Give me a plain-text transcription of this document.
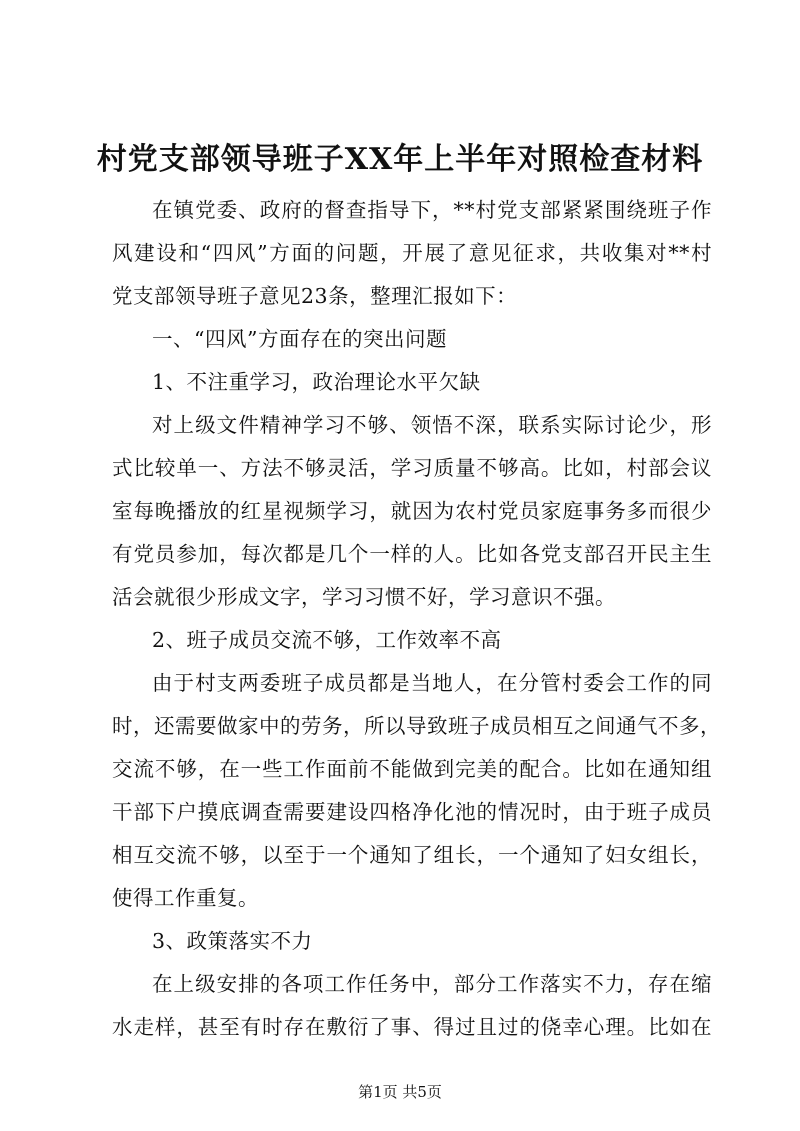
村党支部领导班子XX年上半年对照检查材料
在镇党委、政府的督查指导下，**村党支部紧紧围绕班子作
风建设和“四风”方面的问题，开展了意见征求，共收集对**村
党支部领导班子意见23条，整理汇报如下：
一、“四风”方面存在的突出问题
1、不注重学习，政治理论水平欠缺
对上级文件精神学习不够、领悟不深，联系实际讨论少，形
式比较单一、方法不够灵活，学习质量不够高。比如，村部会议
室每晚播放的红星视频学习，就因为农村党员家庭事务多而很少
有党员参加，每次都是几个一样的人。比如各党支部召开民主生
活会就很少形成文字，学习习惯不好，学习意识不强。
2、班子成员交流不够，工作效率不高
由于村支两委班子成员都是当地人，在分管村委会工作的同
时，还需要做家中的劳务，所以导致班子成员相互之间通气不多，
交流不够，在一些工作面前不能做到完美的配合。比如在通知组
干部下户摸底调查需要建设四格净化池的情况时，由于班子成员
相互交流不够，以至于一个通知了组长，一个通知了妇女组长，
使得工作重复。
3、政策落实不力
在上级安排的各项工作任务中，部分工作落实不力，存在缩
水走样，甚至有时存在敷衍了事、得过且过的侥幸心理。比如在
第1页 共5页
